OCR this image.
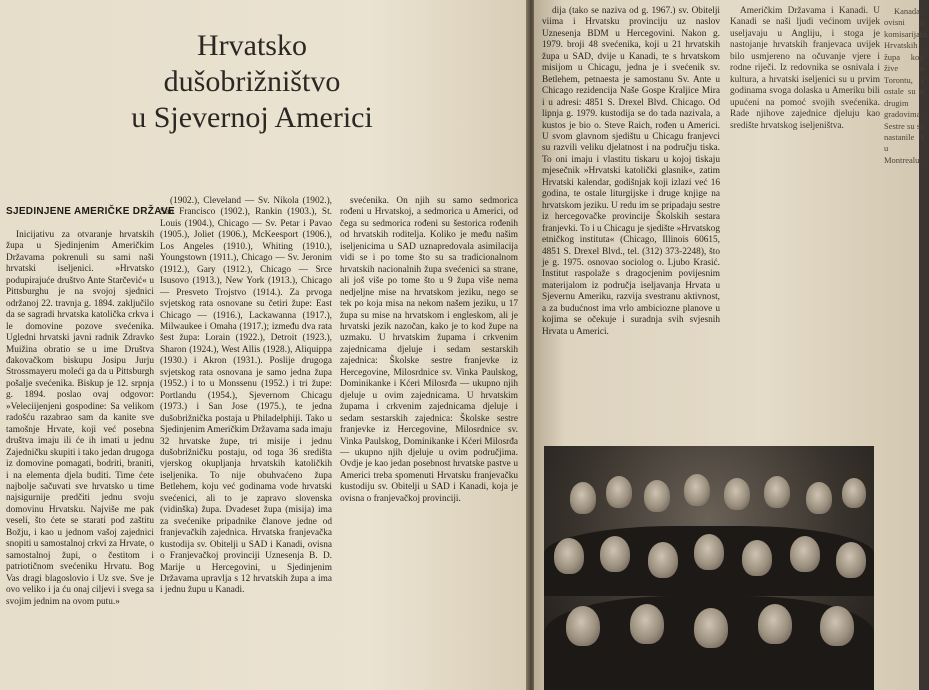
Hrvatsko dušobrižništvo
u Sjevernoj Americi
SJEDINJENE AMERIČKE DRŽAVE

Inicijativu za otvaranje hrvatskih župa u Sjedinjenim Američkim Državama pokrenuli su sami naši hrvatski iseljenici. »Hrvatsko podupirajuće društvo Ante Starčević« u Pittsburghu je na svojoj sjednici održanoj 22. travnja g. 1894. zaključilo da se sagradi hrvatska katolička crkva i le domovine pozove svećenika. Ugledni hrvatski javni radnik Zdravko Muižina obratio se u ime Društva đakovačkom biskupu Josipu Jurju Strossmayeru moleći ga da u Pittsburgh pošalje svećenika. Biskup je 12. srpnja g. 1894. poslao ovaj odgovor: »Veleciijenjeni gospodine: Sa velikom radošću razabrao sam da kanite sve tamošnje Hrvate, koji već posebna društva imaju ili će ih imati u jednu Zajedničku skupiti i tako jedan drugoga iz domovine pomagati, bodriti, braniti, i na elementa djela buditi. Time ćete najbolje sačuvati sve hrvatsko u time najsigurnije predčiti jednu svoju domovinu Hrvatsku. Najviše me pak veseli, što ćete se starati pod zaštitu Božju, i kao u jednom vašoj zajednici snopiti u samostalnoj crkvi za Hrvate, o samostalnoj župi, o čestitom i patriotičnom svećeniku Hrvatu. Bog Vas dragi blagoslovio i Uz sve. Sve je ovo veliko i ja ću onaj ciljevi i svega sa svojim jednim na ovom putu.»

(1902.), Cleveland — Sv. Nikola (1902.), San Francisco (1902.), Rankin (1903.), St. Louis (1904.), Chicago — Sv. Petar i Pavao (1905.), Joliet (1906.), McKeesport (1906.), Los Angeles (1910.), Whiting (1910.), Youngstown (1911.), Chicago — Sv. Jeronim (1912.), Gary (1912.), Chicago — Srce Isusovo (1913.), New York (1913.), Chicago — Presveto Trojstvo (1914.). Za prvoga svjetskog rata osnovane su četiri župe: East Chicago — (1916.), Lackawanna (1917.), Milwaukee i Omaha (1917.); između dva rata šest župa: Lorain (1922.), Detroit (1923.), Sharon (1924.), West Allis (1928.), Aliquippa (1930.) i Akron (1931.). Poslije drugoga svjetskog rata osnovana je samo jedna župa (1952.) i to u Monssenu (1952.) i tri župe: Portlandu (1954.), Sjevernom Chicagu (1973.) i San Jose (1975.), te jedna dušobrižnička postaja u Philadelphiji. Tako u Sjedinjenim Američkim Državama sada imaju 32 hrvatske župe, tri misije i jednu dušobrižničku postaju, od toga 36 središta vjerskog okupljanja hrvatskih katoličkih iseljenika. To nije obuhvaćeno župa Betlehem, koju već godinama vode hrvatski svećenici, ali to je zapravo slovenska (vidinška) župa. Dvadeset župa (misija) ima za svećenike pripadnike članove jedne od franjevačkih zajednica. Hrvatska franjevačka kustodija sv. Obitelji u SAD i Kanadi, ovisna o Franjevačkoj provinciji Uznesenja B. D. Marije u Hercegovini, u Sjedinjenim Državama upravlja s 12 hrvatskih župa a ima i jednu župu u Kanadi.

svećenika. On njih su samo sedmorica rođeni u Hrvatskoj, a sedmorica u Americi, od čega su sedmorica rođeni su šestorica rođenih od hrvatskih roditelja. Koliko je među našim iseljenicima u SAD uznapredovala asimilacija vidi se i po tome što su sa tradicionalnom hrvatskih nacionalnih župa svećenici sa strane, ali još više po tome što u 9 župa više nema nedjeljne mise na hrvatskom jeziku, nego se tek po koja misa na nekom našem jeziku, u 17 župa su mise na hrvatskom i engleskom, ali je hrvatski jezik nazočan, kako je to kod župe na uzmaku. U hrvatskim župama i crkvenim zajednicama djeluje i sedam sestarskih zajednica: Školske sestre franjevke iz Hercegovine, Milosrdnice sv. Vinka Paulskog, Dominikanke i Kćeri Milosrđa — ukupno njih djeluje u ovim zajednicama. U hrvatskim župama i crkvenim zajednicama djeluje i sedam sestarskih zajednica: Školske sestre franjevke iz Hercegovine, Milosrdnice sv. Vinka Paulskog, Dominikanke i Kćeri Milosrđa — ukupno njih djeluje u ovim područjima. Ovdje je kao jedan posebnost hrvatske pastve u Americi treba spomenuti Hrvatsku franjevačku kustodiju sv. Obitelji u SAD i Kanadi, koja je ovisna o franjevačkoj provinciji.

dija (tako se naziva od g. 1967.) sv. Obitelji viima i Hrvatsku provinciju uz naslov Uznesenja BDM u Hercegovini. Nakon g. 1979. broji 48 svećenika, koji u 21 hrvatskih župa u SAD, dvije u Kanadi, te s hrvatskom misijom u Chicagu, jedna je i svećenik sv. Betlehem, petnaesta je samostanu Sv. Ante u Chicago rezidencija Naše Gospe Kraljice Mira i u adresi: 4851 S. Drexel Blvd. Chicago. Od lipnja g. 1979. kustodija se do tada nazivala, a kustos je bio o. Steve Raich, rođen u Americi. U svom glavnom sjedištu u Chicagu franjevci su razvili veliku djelatnost i na području tiska. To oni imaju i vlastitu tiskaru u kojoj tiskaju mjesečnik »Hrvatski katolički glasnik«, zatim Hrvatski kalendar, godišnjak koji izlazi već 16 godina, te ostale liturgijske i druge knjige na hrvatskom jeziku. U redu im se pripadaju sestre iz hercegovačke provincije Školskih sestara franjevki. To i u Chicagu je sjedište »Hrvatskog etničkog instituta« (Chicago, Illinois 60615, 4851 S. Drexel Blvd., tel. (312) 373-2248), što je g. 1975. osnovao sociolog o. Ljubo Krasić. Institut raspolaže s dragocjenim povijesnim materijalom iz područja iseljavanja Hrvata u Sjevernu Ameriku, razvija svestranu aktivnost, a za budućnost ima vrlo ambiciozne planove u kojima se očekuje i suradnja svih svjesnih Hrvata u Americi.

Američkim Državama i Kanadi. U Kanadi se naši ljudi većinom uvijek useljavaju u Angliju, i stoga je nastojanje hrvatskih franjevaca uvijek bilo usmjereno na očuvanje vjere i rodne riječi. Iz redovnika se osnivala i kultura, a hrvatski iseljenici su u prvim godinama svoga dolaska u Ameriku bili upućeni na pomoć svojih svećenika. Rade njihove zajednice djeluju kao središte hrvatskog iseljeništva.

Kanada, ovisni o komisarijatu. Hrvatskih župa koji žive u Torontu, a ostale su u drugim gradovima. Sestre su se nastanile i u Montrealu.
